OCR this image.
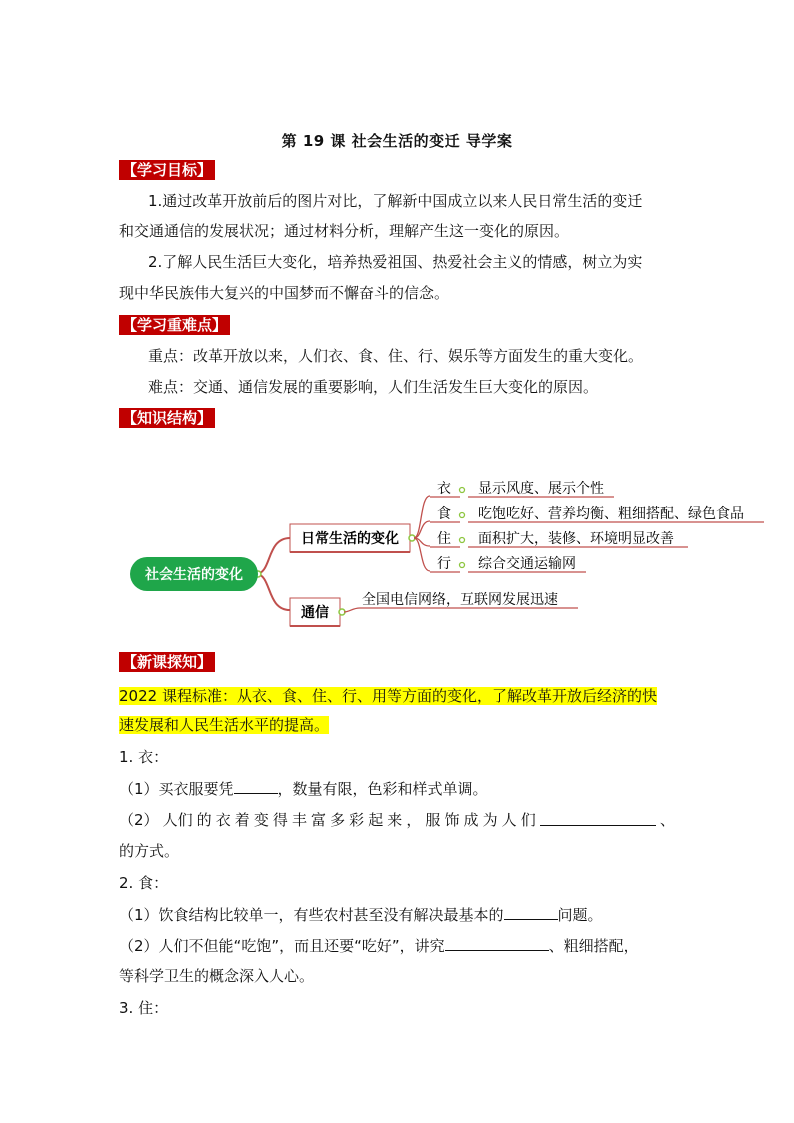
第 19 课 社会生活的变迁 导学案
【学习目标】
1.通过改革开放前后的图片对比，了解新中国成立以来人民日常生活的变迁
和交通通信的发展状况；通过材料分析，理解产生这一变化的原因。
2.了解人民生活巨大变化，培养热爱祖国、热爱社会主义的情感，树立为实
现中华民族伟大复兴的中国梦而不懈奋斗的信念。
【学习重难点】
重点：改革开放以来，人们衣、食、住、行、娱乐等方面发生的重大变化。
难点：交通、通信发展的重要影响，人们生活发生巨大变化的原因。
【知识结构】
社会生活的变化
日常生活的变化
衣 显示风度、展示个性
食 吃饱吃好、营养均衡、粗细搭配、绿色食品
住 面积扩大，装修、环境明显改善
行 综合交通运输网
通信
全国电信网络，互联网发展迅速
【新课探知】
2022 课程标准：从衣、食、住、行、用等方面的变化，了解改革开放后经济的快
速发展和人民生活水平的提高。
1. 衣：
（1）买衣服要凭	，数量有限，色彩和样式单调。
（2） 人们 的 衣 着 变 得 丰 富 多 彩 起 来 ， 服 饰 成 为 人 们	、
的方式。
2. 食：
（1）饮食结构比较单一，有些农村甚至没有解决最基本的	问题。
（2）人们不但能“吃饱”，而且还要“吃好”，讲究	、粗细搭配，
等科学卫生的概念深入人心。
3. 住：
